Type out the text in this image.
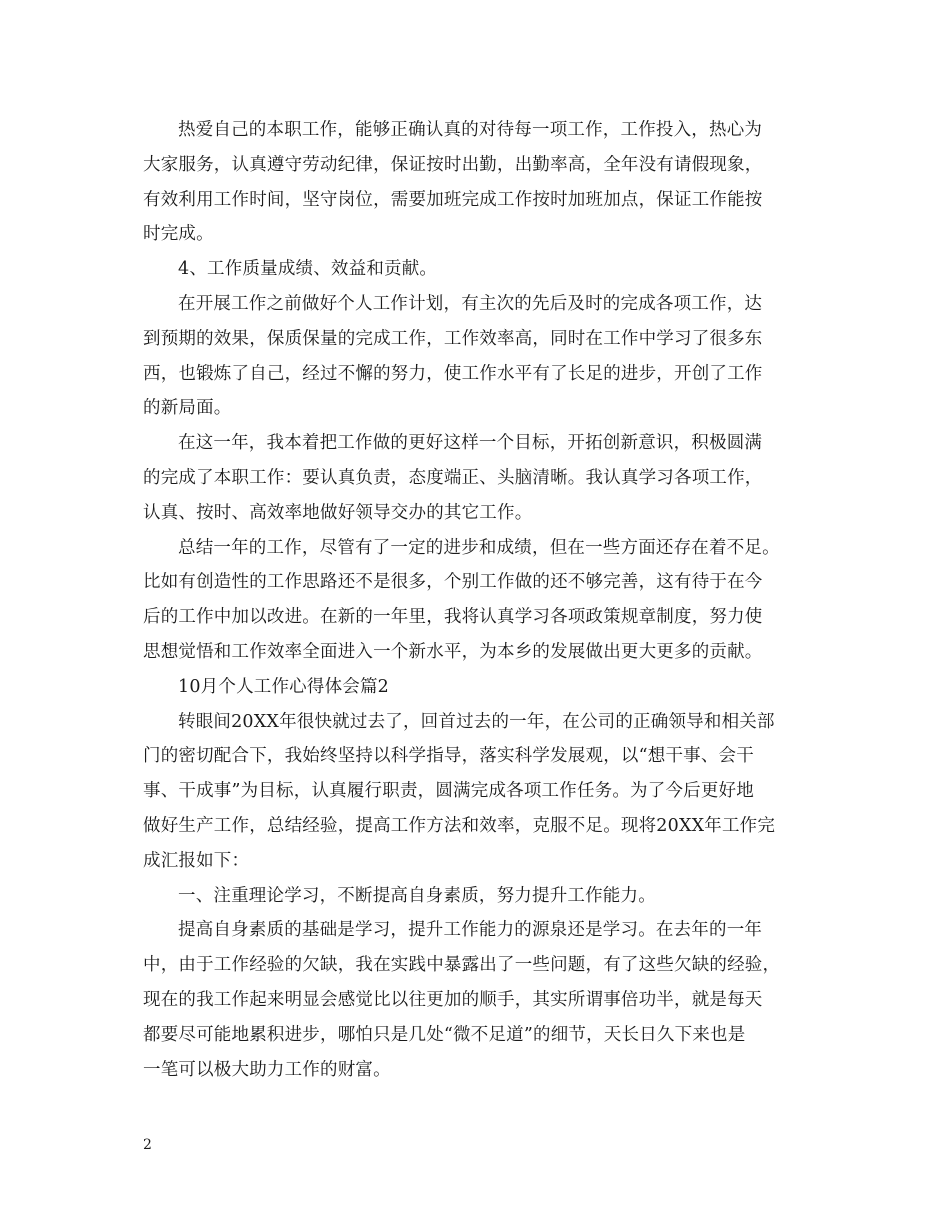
热爱自己的本职工作，能够正确认真的对待每一项工作，工作投入，热心为
大家服务，认真遵守劳动纪律，保证按时出勤，出勤率高，全年没有请假现象，
有效利用工作时间，坚守岗位，需要加班完成工作按时加班加点，保证工作能按
时完成。
4、工作质量成绩、效益和贡献。
在开展工作之前做好个人工作计划，有主次的先后及时的完成各项工作，达
到预期的效果，保质保量的完成工作，工作效率高，同时在工作中学习了很多东
西，也锻炼了自己，经过不懈的努力，使工作水平有了长足的进步，开创了工作
的新局面。
在这一年，我本着把工作做的更好这样一个目标，开拓创新意识，积极圆满
的完成了本职工作：要认真负责，态度端正、头脑清晰。我认真学习各项工作，
认真、按时、高效率地做好领导交办的其它工作。
总结一年的工作，尽管有了一定的进步和成绩，但在一些方面还存在着不足。
比如有创造性的工作思路还不是很多，个别工作做的还不够完善，这有待于在今
后的工作中加以改进。在新的一年里，我将认真学习各项政策规章制度，努力使
思想觉悟和工作效率全面进入一个新水平，为本乡的发展做出更大更多的贡献。
10月个人工作心得体会篇2
转眼间20XX年很快就过去了，回首过去的一年，在公司的正确领导和相关部
门的密切配合下，我始终坚持以科学指导，落实科学发展观，以“想干事、会干
事、干成事”为目标，认真履行职责，圆满完成各项工作任务。为了今后更好地
做好生产工作，总结经验，提高工作方法和效率，克服不足。现将20XX年工作完
成汇报如下：
一、注重理论学习，不断提高自身素质，努力提升工作能力。
提高自身素质的基础是学习，提升工作能力的源泉还是学习。在去年的一年
中，由于工作经验的欠缺，我在实践中暴露出了一些问题，有了这些欠缺的经验，
现在的我工作起来明显会感觉比以往更加的顺手，其实所谓事倍功半，就是每天
都要尽可能地累积进步，哪怕只是几处“微不足道”的细节，天长日久下来也是
一笔可以极大助力工作的财富。
2
